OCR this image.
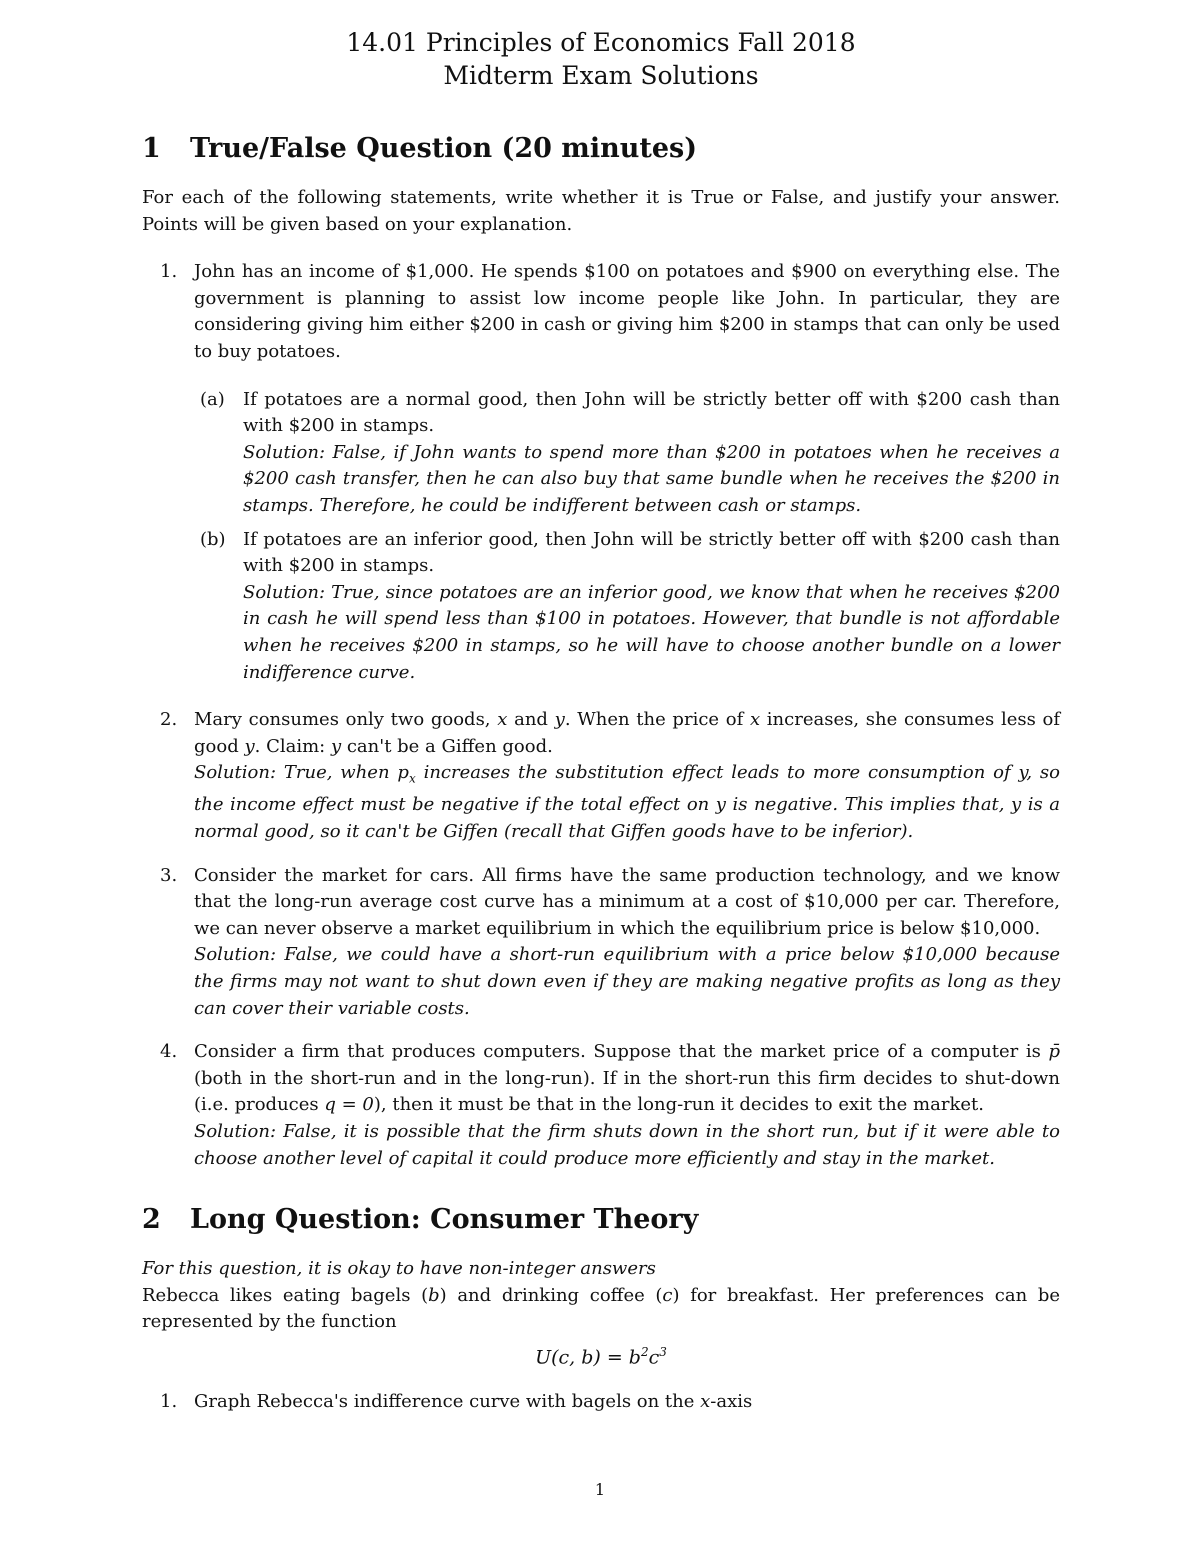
14.01 Principles of Economics Fall 2018
Midterm Exam Solutions
1 True/False Question (20 minutes)

For each of the following statements, write whether it is True or False, and justify your answer. Points will be given based on your explanation.

1. John has an income of $1,000. He spends $100 on potatoes and $900 on everything else. The government is planning to assist low income people like John. In particular, they are considering giving him either $200 in cash or giving him $200 in stamps that can only be used to buy potatoes.

(a) If potatoes are a normal good, then John will be strictly better off with $200 cash than with $200 in stamps.

Solution: False, if John wants to spend more than $200 in potatoes when he receives a $200 cash transfer, then he can also buy that same bundle when he receives the $200 in stamps. Therefore, he could be indifferent between cash or stamps.

(b) If potatoes are an inferior good, then John will be strictly better off with $200 cash than with $200 in stamps.

Solution: True, since potatoes are an inferior good, we know that when he receives $200 in cash he will spend less than $100 in potatoes. However, that bundle is not affordable when he receives $200 in stamps, so he will have to choose another bundle on a lower indifference curve.

2. Mary consumes only two goods, x and y. When the price of x increases, she consumes less of good y. Claim: y can't be a Giffen good.

Solution: True, when $p_x$ increases the substitution effect leads to more consumption of y, so the income effect must be negative if the total effect on y is negative. This implies that, y is a normal good, so it can't be Giffen (recall that Giffen goods have to be inferior).

3. Consider the market for cars. All firms have the same production technology, and we know that the long-run average cost curve has a minimum at a cost of $10,000 per car. Therefore, we can never observe a market equilibrium in which the equilibrium price is below $10,000.

Solution: False, we could have a short-run equilibrium with a price below $10,000 because the firms may not want to shut down even if they are making negative profits as long as they can cover their variable costs.

4. Consider a firm that produces computers. Suppose that the market price of a computer is p̄ (both in the short-run and in the long-run). If in the short-run this firm decides to shut-down (i.e. produces q = 0), then it must be that in the long-run it decides to exit the market.

Solution: False, it is possible that the firm shuts down in the short run, but if it were able to choose another level of capital it could produce more efficiently and stay in the market.

2 Long Question: Consumer Theory

For this question, it is okay to have non-integer answers

Rebecca likes eating bagels (b) and drinking coffee (c) for breakfast. Her preferences can be represented by the function

U(c, $b) = b^2c^3$
1. Graph Rebecca's indifference curve with bagels on the x-axis

1
